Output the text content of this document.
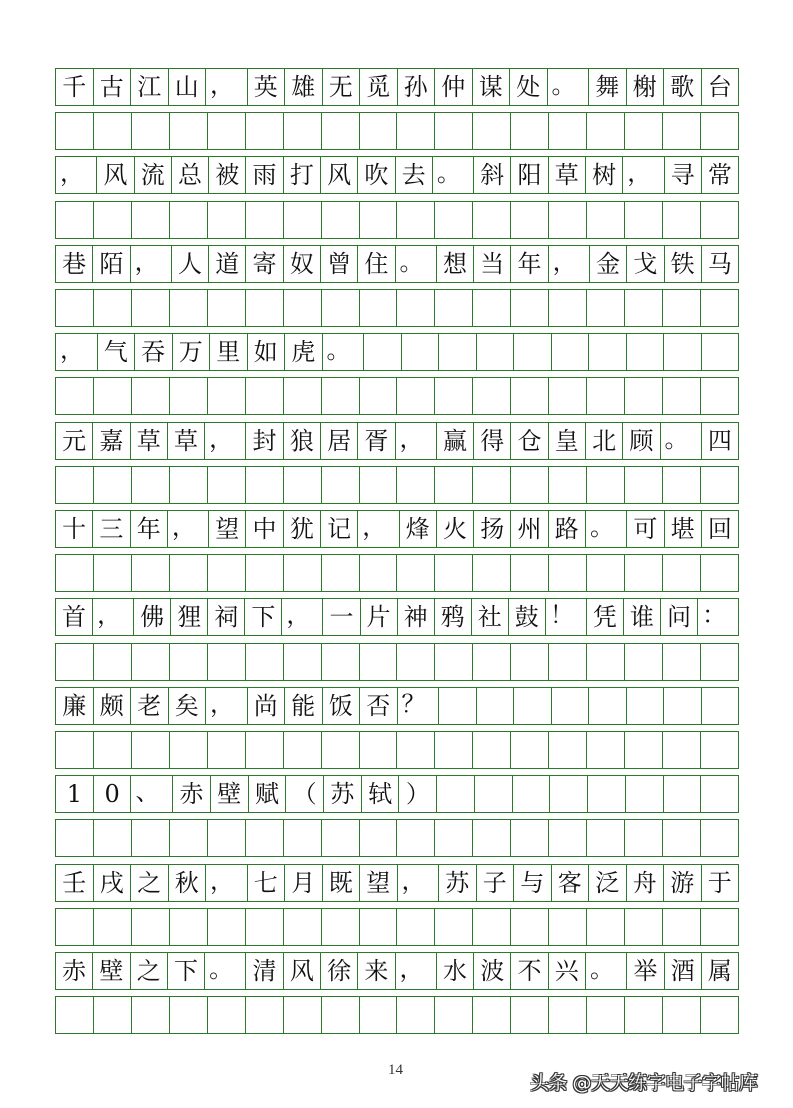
千 古 江 山 ， 英 雄 无 觅 孙 仲 谋 处 。 舞 榭 歌 台
， 风 流 总 被 雨 打 风 吹 去 。 斜 阳 草 树 ， 寻 常
巷 陌 ， 人 道 寄 奴 曾 住 。 想 当 年 ， 金 戈 铁 马
， 气 吞 万 里 如 虎 。
元 嘉 草 草 ， 封 狼 居 胥 ， 赢 得 仓 皇 北 顾 。 四
十 三 年 ， 望 中 犹 记 ， 烽 火 扬 州 路 。 可 堪 回
首 ， 佛 狸 祠 下 ， 一 片 神 鸦 社 鼓 ！ 凭 谁 问 ：
廉 颇 老 矣 ， 尚 能 饭 否 ？
1 0 、 赤 壁 赋 （ 苏 轼 ）
壬 戌 之 秋 ， 七 月 既 望 ， 苏 子 与 客 泛 舟 游 于
赤 壁 之 下 。 清 风 徐 来 ， 水 波 不 兴 。 举 酒 属
14
头条 @天天练字电子字帖库
